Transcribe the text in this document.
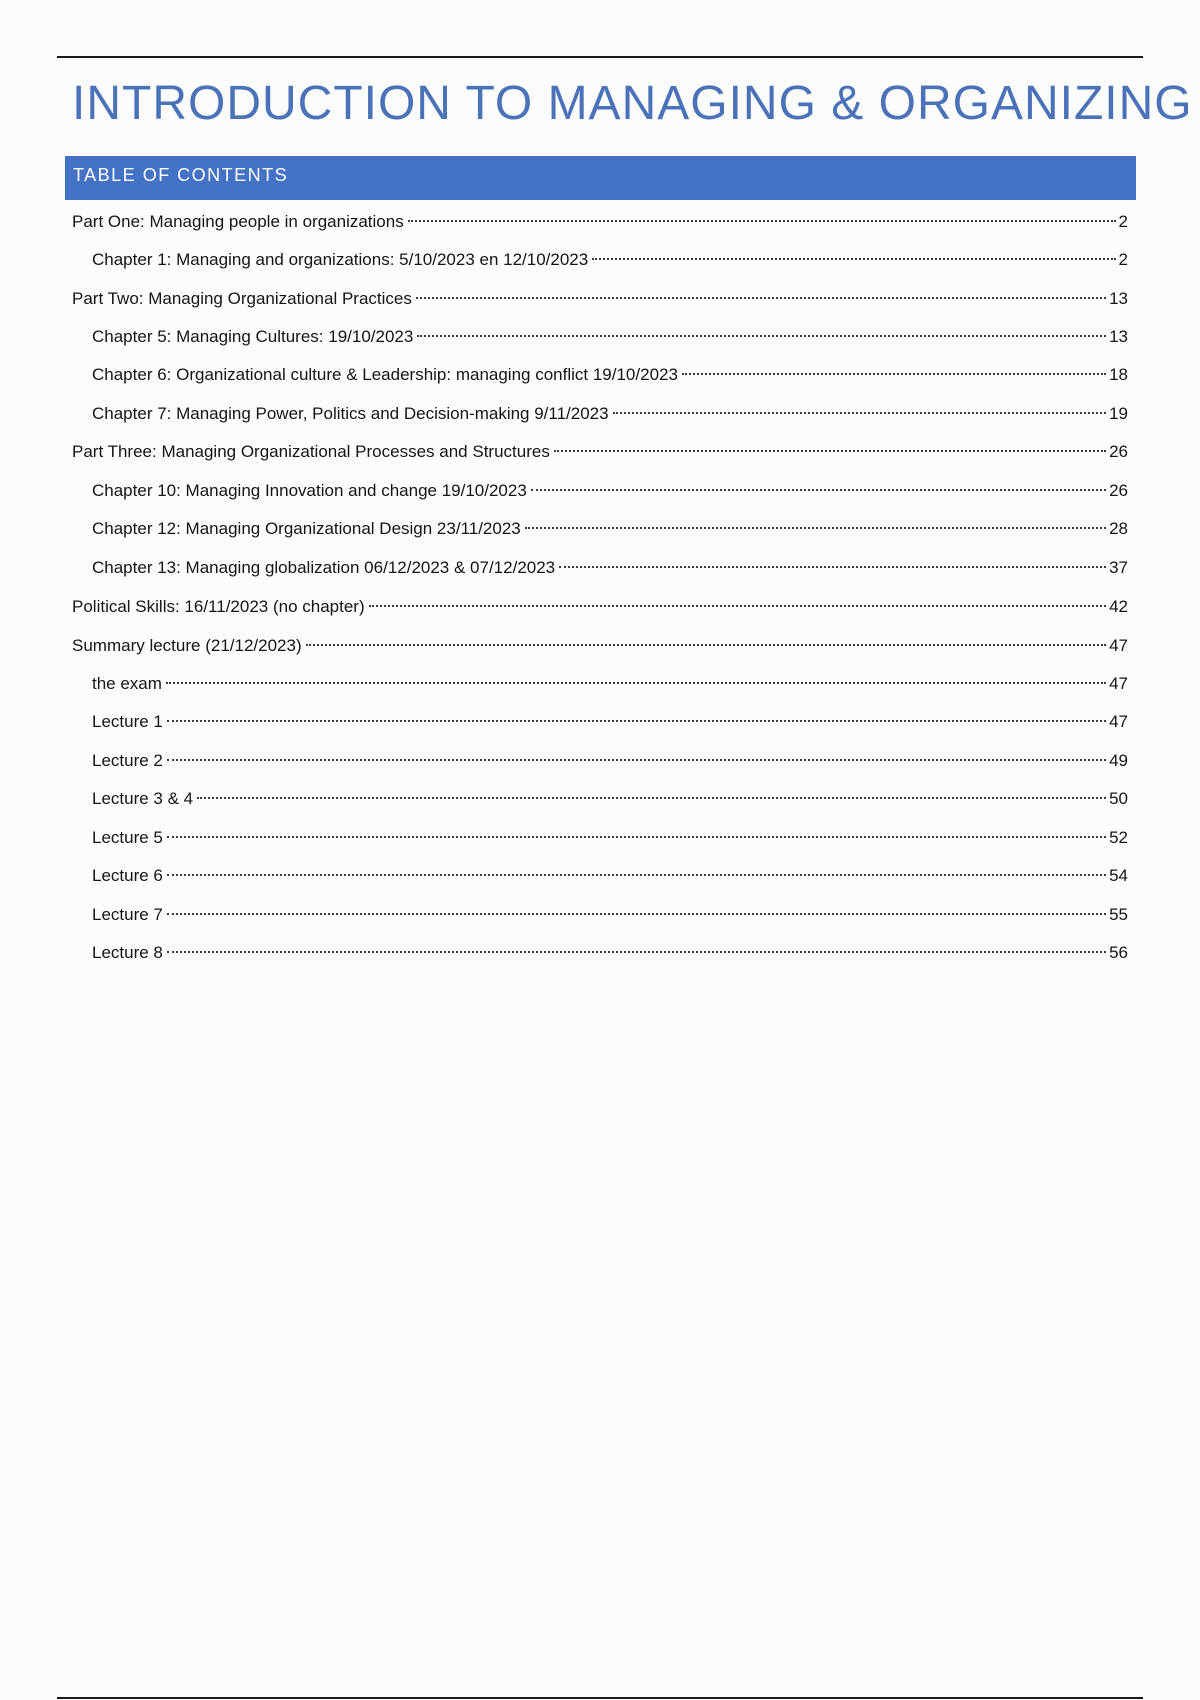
INTRODUCTION TO MANAGING & ORGANIZING
TABLE OF CONTENTS
Part One: Managing people in organizations	2
Chapter 1: Managing and organizations: 5/10/2023 en 12/10/2023	2
Part Two: Managing Organizational Practices	13
Chapter 5: Managing Cultures: 19/10/2023	13
Chapter 6: Organizational culture & Leadership: managing conflict 19/10/2023	18
Chapter 7: Managing Power, Politics and Decision-making 9/11/2023	19
Part Three: Managing Organizational Processes and Structures	26
Chapter 10: Managing Innovation and change 19/10/2023	26
Chapter 12: Managing Organizational Design 23/11/2023	28
Chapter 13: Managing globalization 06/12/2023 & 07/12/2023	37
Political Skills: 16/11/2023 (no chapter)	42
Summary lecture (21/12/2023)	47
the exam	47
Lecture 1	47
Lecture 2	49
Lecture 3 & 4	50
Lecture 5	52
Lecture 6	54
Lecture 7	55
Lecture 8	56
